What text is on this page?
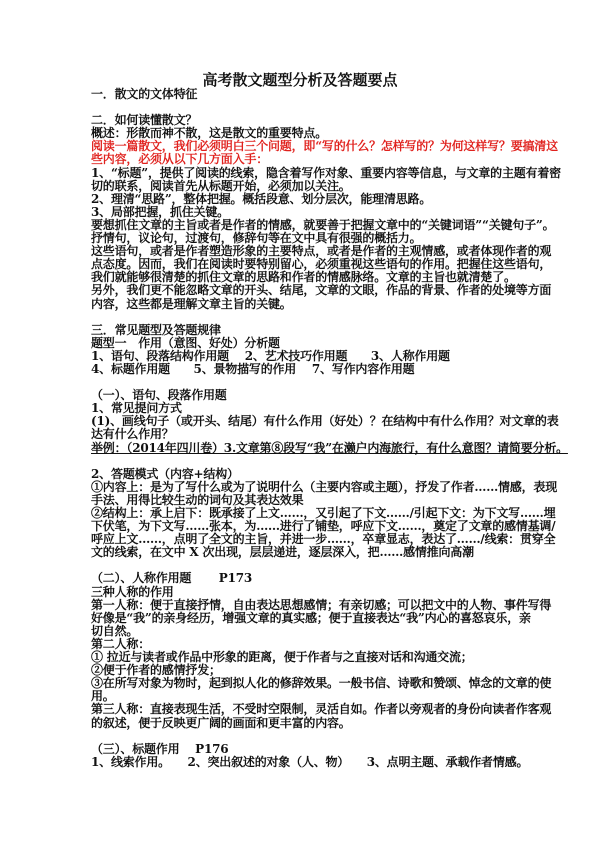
高考散文题型分析及答题要点
一．散文的文体特征
二．如何读懂散文？
概述：形散而神不散，这是散文的重要特点。
阅读一篇散文，我们必须明白三个问题，即“写的什么？怎样写的？为何这样写？要搞清这
些内容，必须从以下几方面入手：
1、“标题”，提供了阅读的线索，隐含着写作对象、重要内容等信息，与文章的主题有着密
切的联系，阅读首先从标题开始，必须加以关注。
2、理清“思路”，整体把握。概括段意、划分层次，能理清思路。
3、局部把握，抓住关键。
要想抓住文章的主旨或者是作者的情感，就要善于把握文章中的“关键词语”“关键句子”。
抒情句，议论句，过渡句，修辞句等在文中具有很强的概括力。
这些语句，或者是作者塑造形象的主要特点，或者是作者的主观情感，或者体现作者的观
点态度。因而，我们在阅读时要特别留心，必须重视这些语句的作用。把握住这些语句，
我们就能够很清楚的抓住文章的思路和作者的情感脉络。文章的主旨也就清楚了。
另外，我们更不能忽略文章的开头、结尾，文章的文眼，作品的背景、作者的处境等方面
内容，这些都是理解文章主旨的关键。
三．常见题型及答题规律
题型一　作用（意图、好处）分析题
1、语句、段落结构作用题　 2、艺术技巧作用题　　3、人称作用题
4、标题作用题　　5、景物描写的作用　 7、写作内容作用题
（一）、语句、段落作用题
1、常见提问方式
(1)、画线句子（或开头、结尾）有什么作用（好处）？在结构中有什么作用？对文章的表
达有什么作用？
举例：（2014年四川卷）3.文章第⑧段写“我”在濑户内海旅行，有什么意图？请简要分析。
2、答题模式（内容+结构）
①内容上：是为了写什么或为了说明什么（主要内容或主题），抒发了作者……情感，表现
手法、用得比较生动的词句及其表达效果
②结构上：承上启下：既承接了上文……，又引起了下文……/引起下文：为下文写……埋
下伏笔，为下文写……张本，为……进行了铺垫，呼应下文……，奠定了文章的感情基调/
呼应上文……，点明了全文的主旨，并进一步……，卒章显志，表达了……/线索：贯穿全
文的线索，在文中 X 次出现，层层递进，逐层深入，把……感情推向高潮
（二）、人称作用题　　 P173
三种人称的作用
第一人称：便于直接抒情，自由表达思想感情；有亲切感；可以把文中的人物、事件写得
好像是“我”的亲身经历，增强文章的真实感；便于直接表达“我”内心的喜怒哀乐，亲
切自然。
第二人称：
① 拉近与读者或作品中形象的距离，便于作者与之直接对话和沟通交流；
②便于作者的感情抒发；
③在所写对象为物时，起到拟人化的修辞效果。一般书信、诗歌和赞颂、悼念的文章的使
用。
第三人称：直接表现生活，不受时空限制，灵活自如。作者以旁观者的身份向读者作客观
的叙述，便于反映更广阔的画面和更丰富的内容。
（三）、标题作用　 P176
1、线索作用。　　2、突出叙述的对象（人、物）　　3、点明主题、承载作者情感。
